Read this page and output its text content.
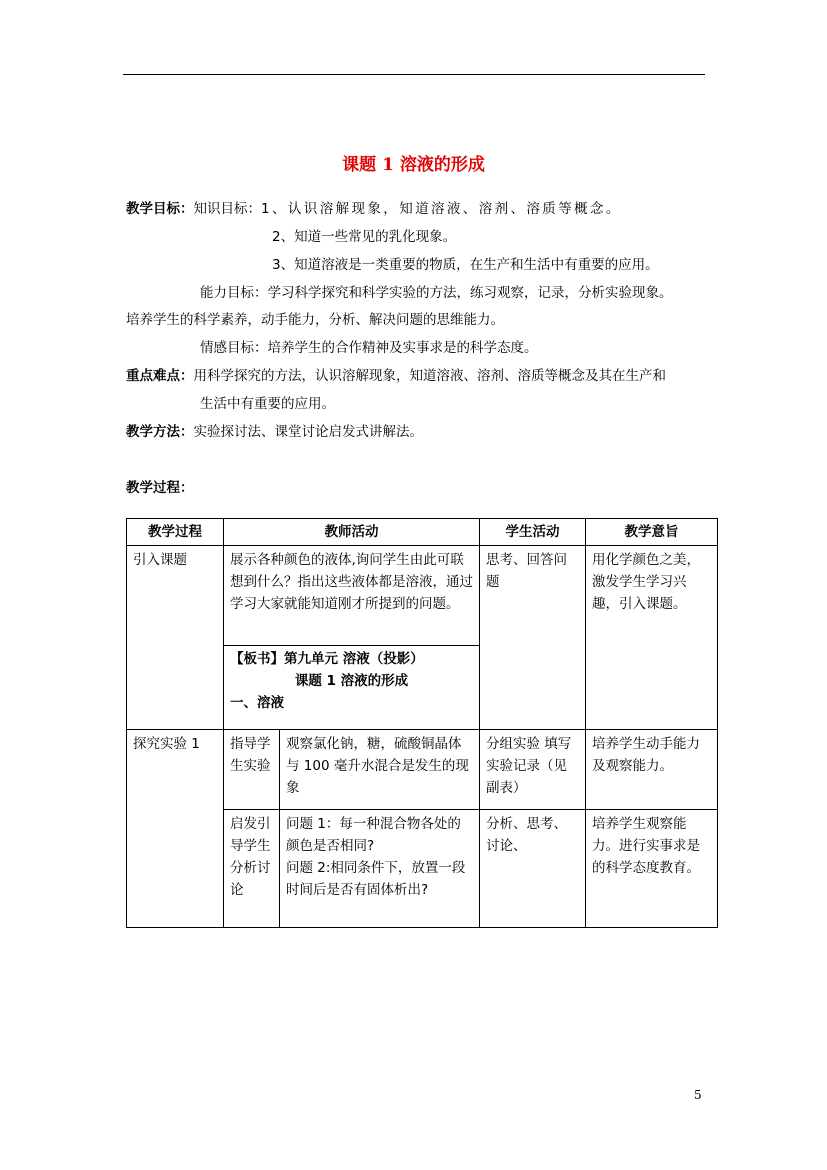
课题 1 溶液的形成
教学目标：知识目标：1、认识溶解现象，知道溶液、溶剂、溶质等概念。
2、知道一些常见的乳化现象。
3、知道溶液是一类重要的物质，在生产和生活中有重要的应用。
能力目标：学习科学探究和科学实验的方法，练习观察，记录，分析实验现象。
培养学生的科学素养，动手能力，分析、解决问题的思维能力。
情感目标：培养学生的合作精神及实事求是的科学态度。
重点难点：用科学探究的方法，认识溶解现象，知道溶液、溶剂、溶质等概念及其在生产和
生活中有重要的应用。
教学方法：实验探讨法、课堂讨论启发式讲解法。
教学过程：
教学过程	教师活动		学生活动	教学意旨
引入课题	展示各种颜色的液体,询问学生由此可联想到什么？指出这些液体都是溶液，通过学习大家就能知道刚才所提到的问题。		思考、回答问题	用化学颜色之美，激发学生学习兴趣，引入课题。

	【板书】第九单元 溶液（投影）
课题 1 溶液的形成
一、溶液			

探究实验 1	指导学生实验	观察氯化钠，糖，硫酸铜晶体与 100 毫升水混合是发生的现象	分组实验 填写实验记录（见副表）	培养学生动手能力及观察能力。
	启发引导学生分析讨论	问题 1：每一种混合物各处的颜色是否相同?
问题 2:相同条件下，放置一段时间后是否有固体析出?	分析、思考、讨论、	培养学生观察能力。进行实事求是的科学态度教育。
5
